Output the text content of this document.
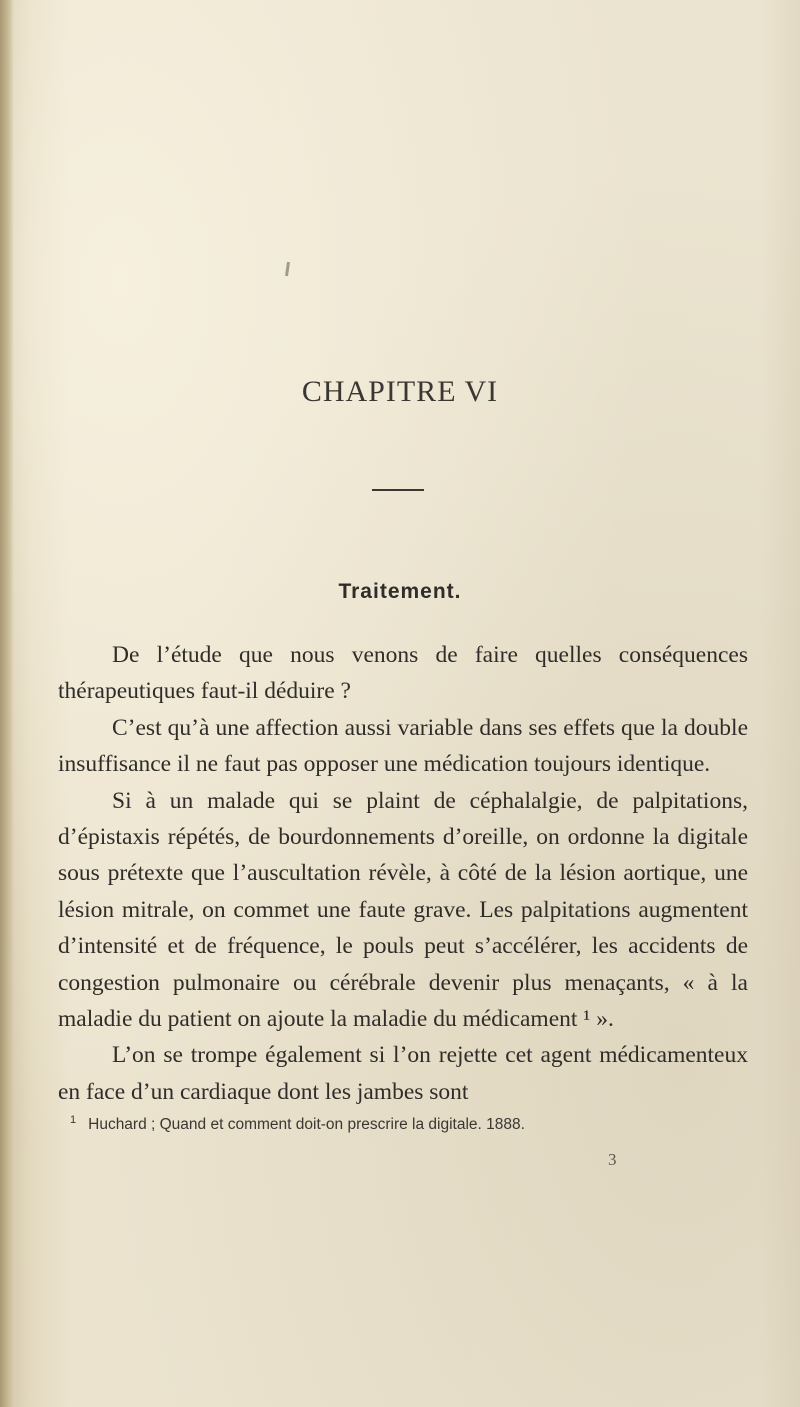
CHAPITRE VI
Traitement.

De l’étude que nous venons de faire quelles conséquences thérapeutiques faut-il déduire ?

C’est qu’à une affection aussi variable dans ses effets que la double insuffisance il ne faut pas opposer une médication toujours identique.

Si à un malade qui se plaint de céphalalgie, de palpitations, d’épistaxis répétés, de bourdonnements d’oreille, on ordonne la digitale sous prétexte que l’auscultation révèle, à côté de la lésion aortique, une lésion mitrale, on commet une faute grave. Les palpitations augmentent d’intensité et de fréquence, le pouls peut s’accélérer, les accidents de congestion pulmonaire ou cérébrale devenir plus menaçants, « à la maladie du patient on ajoute la maladie du médicament ¹ ».

L’on se trompe également si l’on rejette cet agent médicamenteux en face d’un cardiaque dont les jambes sont

$^1$ Huchard ; Quand et comment doit-on prescrire la digitale. 1888.
3
